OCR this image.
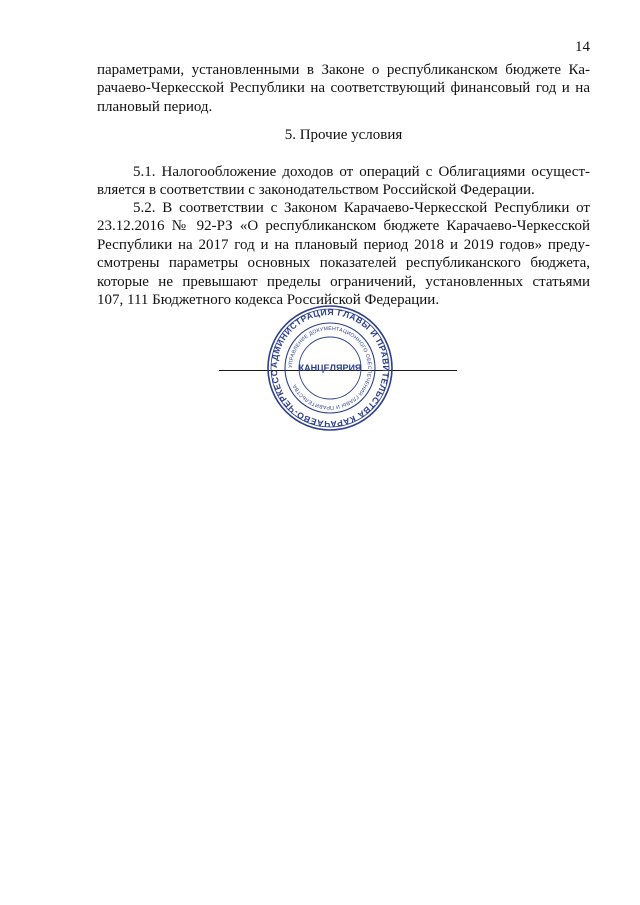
14
параметрами, установленными в Законе о республиканском бюджете Ка-
рачаево-Черкесской Республики на соответствующий финансовый год и на
плановый период.
5. Прочие условия
5.1. Налогообложение доходов от операций с Облигациями осущест-
вляется в соответствии с законодательством Российской Федерации.
5.2. В соответствии с Законом Карачаево-Черкесской Республики от
23.12.2016 № 92-РЗ «О республиканском бюджете Карачаево-Черкесской
Республики на 2017 год и на плановый период 2018 и 2019 годов» преду-
смотрены параметры основных показателей республиканского бюджета,
которые не превышают пределы ограничений, установленных статьями
107, 111 Бюджетного кодекса Российской Федерации.
АДМИНИСТРАЦИЯ ГЛАВЫ И ПРАВИТЕЛЬСТВА КАРАЧАЕВО-ЧЕРКЕСС
УПРАВЛЕНИЕ ДОКУМЕНТАЦИОННОГО ОБЕСПЕЧЕНИЯ ГЛАВЫ И ПРАВИТЕЛЬСТВА
КАНЦЕЛЯРИЯ
